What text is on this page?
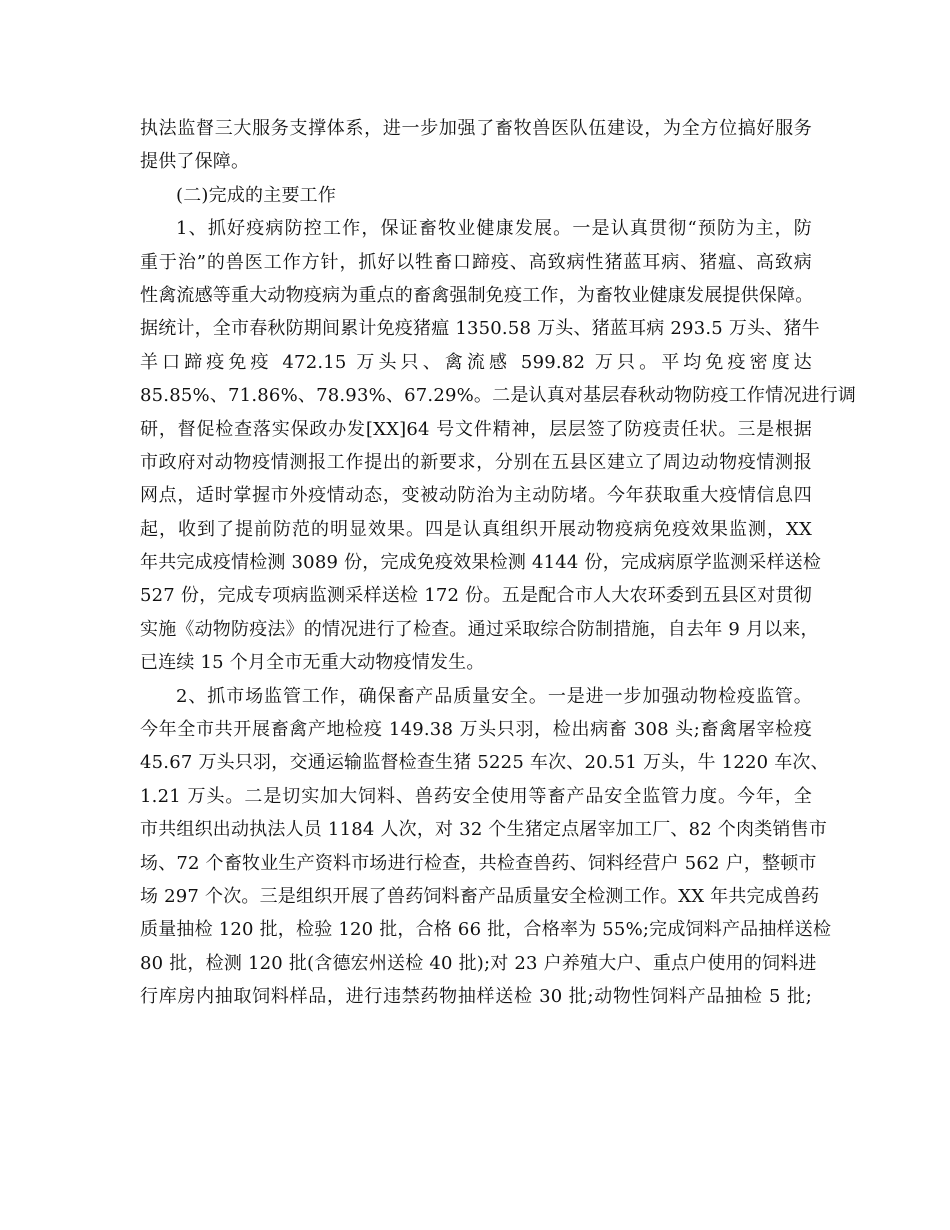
执法监督三大服务支撑体系，进一步加强了畜牧兽医队伍建设，为全方位搞好服务
提供了保障。
(二)完成的主要工作
1、抓好疫病防控工作，保证畜牧业健康发展。一是认真贯彻“预防为主，防
重于治”的兽医工作方针，抓好以牲畜口蹄疫、高致病性猪蓝耳病、猪瘟、高致病
性禽流感等重大动物疫病为重点的畜禽强制免疫工作，为畜牧业健康发展提供保障。
据统计，全市春秋防期间累计免疫猪瘟 1350.58 万头、猪蓝耳病 293.5 万头、猪牛
羊口蹄疫免疫 472.15 万头只、禽流感 599.82 万只。平均免疫密度达
85.85%、71.86%、78.93%、67.29%。二是认真对基层春秋动物防疫工作情况进行调
研，督促检查落实保政办发[XX]64 号文件精神，层层签了防疫责任状。三是根据
市政府对动物疫情测报工作提出的新要求，分别在五县区建立了周边动物疫情测报
网点，适时掌握市外疫情动态，变被动防治为主动防堵。今年获取重大疫情信息四
起，收到了提前防范的明显效果。四是认真组织开展动物疫病免疫效果监测，XX
年共完成疫情检测 3089 份，完成免疫效果检测 4144 份，完成病原学监测采样送检
527 份，完成专项病监测采样送检 172 份。五是配合市人大农环委到五县区对贯彻
实施《动物防疫法》的情况进行了检查。通过采取综合防制措施，自去年 9 月以来，
已连续 15 个月全市无重大动物疫情发生。
2、抓市场监管工作，确保畜产品质量安全。一是进一步加强动物检疫监管。
今年全市共开展畜禽产地检疫 149.38 万头只羽，检出病畜 308 头;畜禽屠宰检疫
45.67 万头只羽，交通运输监督检查生猪 5225 车次、20.51 万头，牛 1220 车次、
1.21 万头。二是切实加大饲料、兽药安全使用等畜产品安全监管力度。今年，全
市共组织出动执法人员 1184 人次，对 32 个生猪定点屠宰加工厂、82 个肉类销售市
场、72 个畜牧业生产资料市场进行检查，共检查兽药、饲料经营户 562 户，整顿市
场 297 个次。三是组织开展了兽药饲料畜产品质量安全检测工作。XX 年共完成兽药
质量抽检 120 批，检验 120 批，合格 66 批，合格率为 55%;完成饲料产品抽样送检
80 批，检测 120 批(含德宏州送检 40 批);对 23 户养殖大户、重点户使用的饲料进
行库房内抽取饲料样品，进行违禁药物抽样送检 30 批;动物性饲料产品抽检 5 批;
